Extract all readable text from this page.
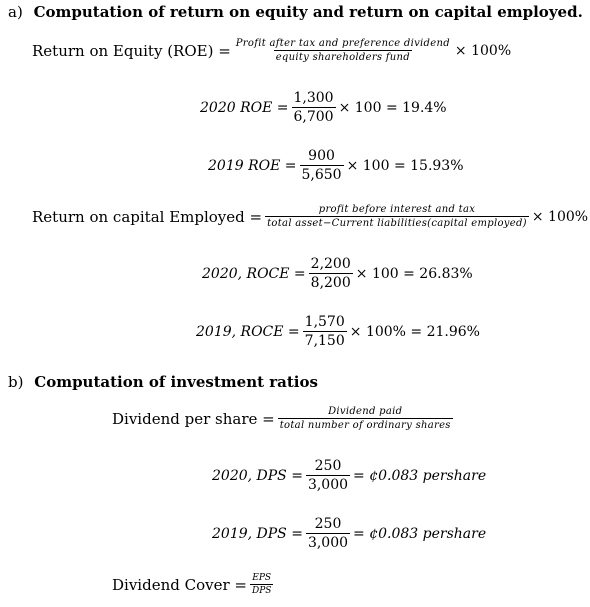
a) Computation of return on equity and return on capital employed.
Return on Equity $(ROE) = \frac{\text{Profit after tax and preference dividend}}{\text{equity shareholders fund}} \times 100\%$
2020 ROE = $\frac{1,300}{6,700} \times 100 = 19.4\%$
2019 ROE = $\frac{900}{5,650} \times 100 = 15.93\%$
Return on capital Employed = $\frac{\text{profit before interest and tax}}{\text{total asset−Current liabilities(capital employed)}} \times 100\%$
2020, ROCE = $\frac{2,200}{8,200} \times 100 = 26.83\%$
2019, ROCE = $\frac{1,570}{7,150} \times 100\% = 21.96\%$
b) Computation of investment ratios
Dividend per share = $\frac{\text{Dividend paid}}{\text{total number of ordinary shares}}$
2020, DPS = $\frac{250}{3,000}$ = ¢0.083 pershare
2019, DPS = $\frac{250}{3,000}$ = ¢0.083 pershare
Dividend Cover = $\frac{\text{EPS}}{\text{DPS}}$
